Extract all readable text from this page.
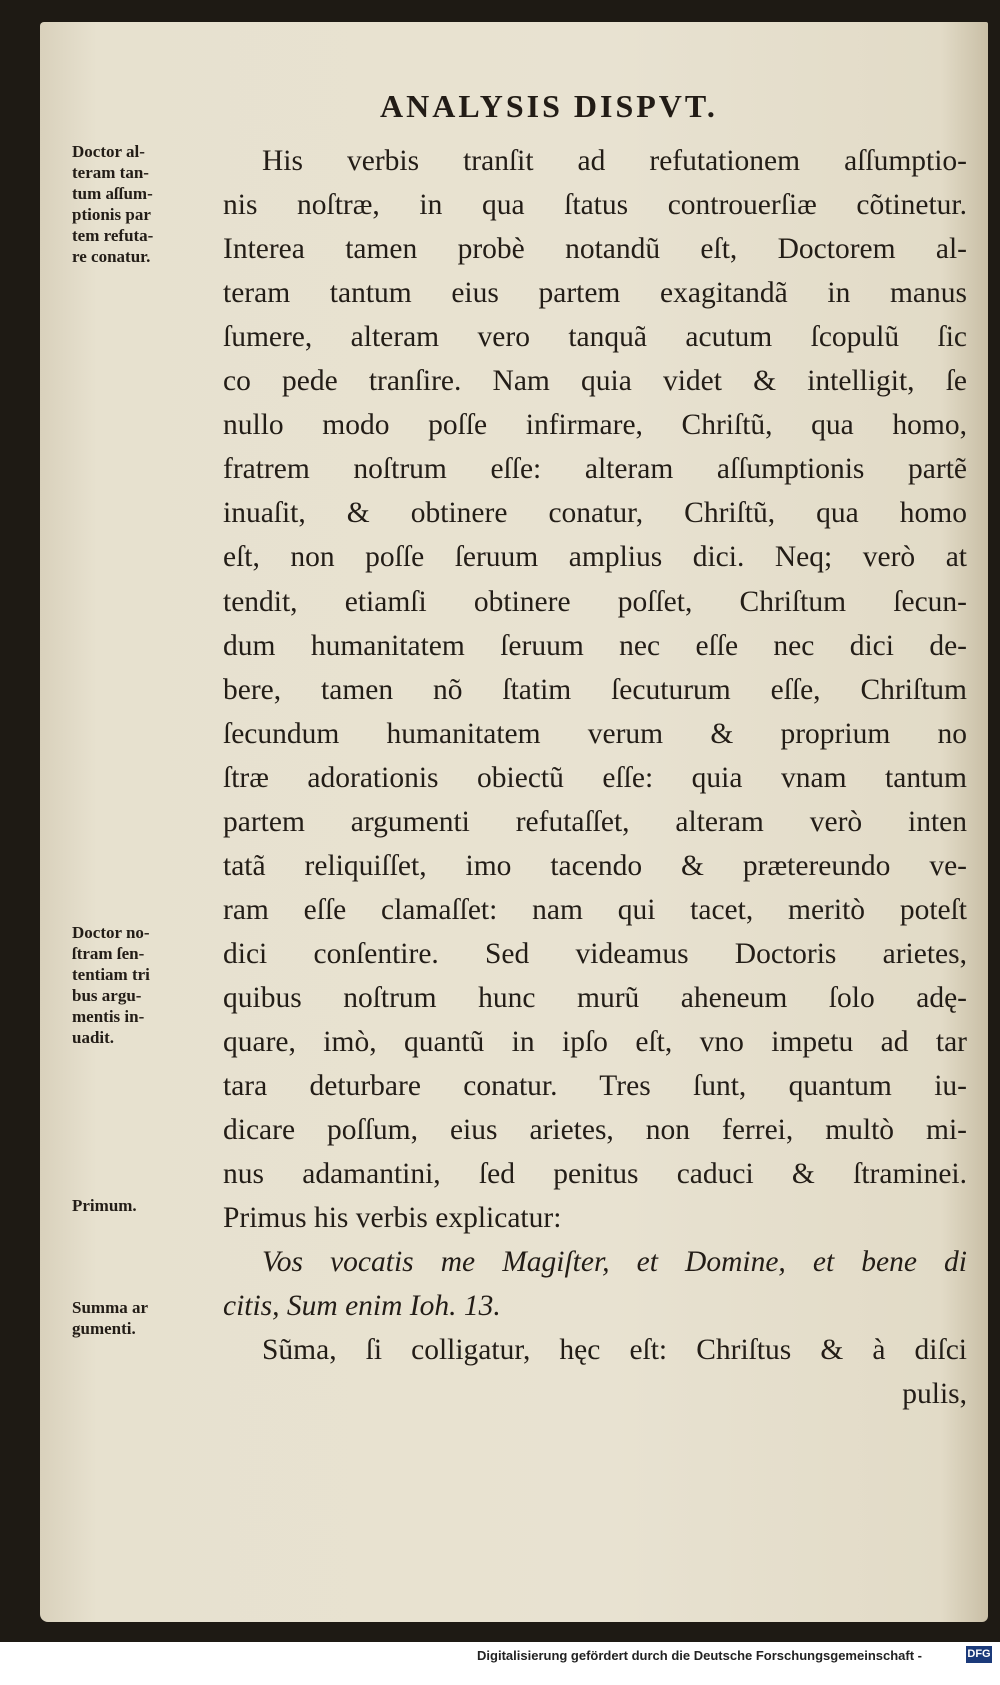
ANALYSIS DISPVT.
His verbis tranſit ad refutationem aſſumptio-
nis noſtræ, in qua ſtatus controuerſiæ cõtinetur.
Interea tamen probè notandũ eſt, Doctorem al-
teram tantum eius partem exagitandã in manus
ſumere, alteram vero tanquã acutum ſcopulũ ſic
co pede tranſire. Nam quia videt & intelligit, ſe
nullo modo poſſe infirmare, Chriſtũ, qua homo,
fratrem noſtrum eſſe: alteram aſſumptionis partẽ
inuaſit, & obtinere conatur, Chriſtũ, qua homo
eſt, non poſſe ſeruum amplius dici. Neq; verò at
tendit, etiamſi obtinere poſſet, Chriſtum ſecun-
dum humanitatem ſeruum nec eſſe nec dici de-
bere, tamen nõ ſtatim ſecuturum eſſe, Chriſtum
ſecundum humanitatem verum & proprium no
ſtræ adorationis obiectũ eſſe: quia vnam tantum
partem argumenti refutaſſet, alteram verò inten
tatã reliquiſſet, imo tacendo & prætereundo ve-
ram eſſe clamaſſet: nam qui tacet, meritò poteſt
dici conſentire. Sed videamus Doctoris arietes,
quibus noſtrum hunc murũ aheneum ſolo adę-
quare, imò, quantũ in ipſo eſt, vno impetu ad tar
tara deturbare conatur. Tres ſunt, quantum iu-
dicare poſſum, eius arietes, non ferrei, multò mi-
nus adamantini, ſed penitus caduci & ſtraminei.
Primus his verbis explicatur:
Vos vocatis me Magiſter, et Domine, et bene di
citis, Sum enim Ioh. 13.
Sũma, ſi colligatur, hęc eſt: Chriſtus & à diſci
pulis,
Doctor al-
teram tan-
tum aſſum-
ptionis par
tem refuta-
re conatur.
Doctor no-
ſtram ſen-
tentiam tri
bus argu-
mentis in-
uadit.
Primum.
Summa ar
gumenti.
Digitalisierung gefördert durch die Deutsche Forschungsgemeinschaft -	DFG
